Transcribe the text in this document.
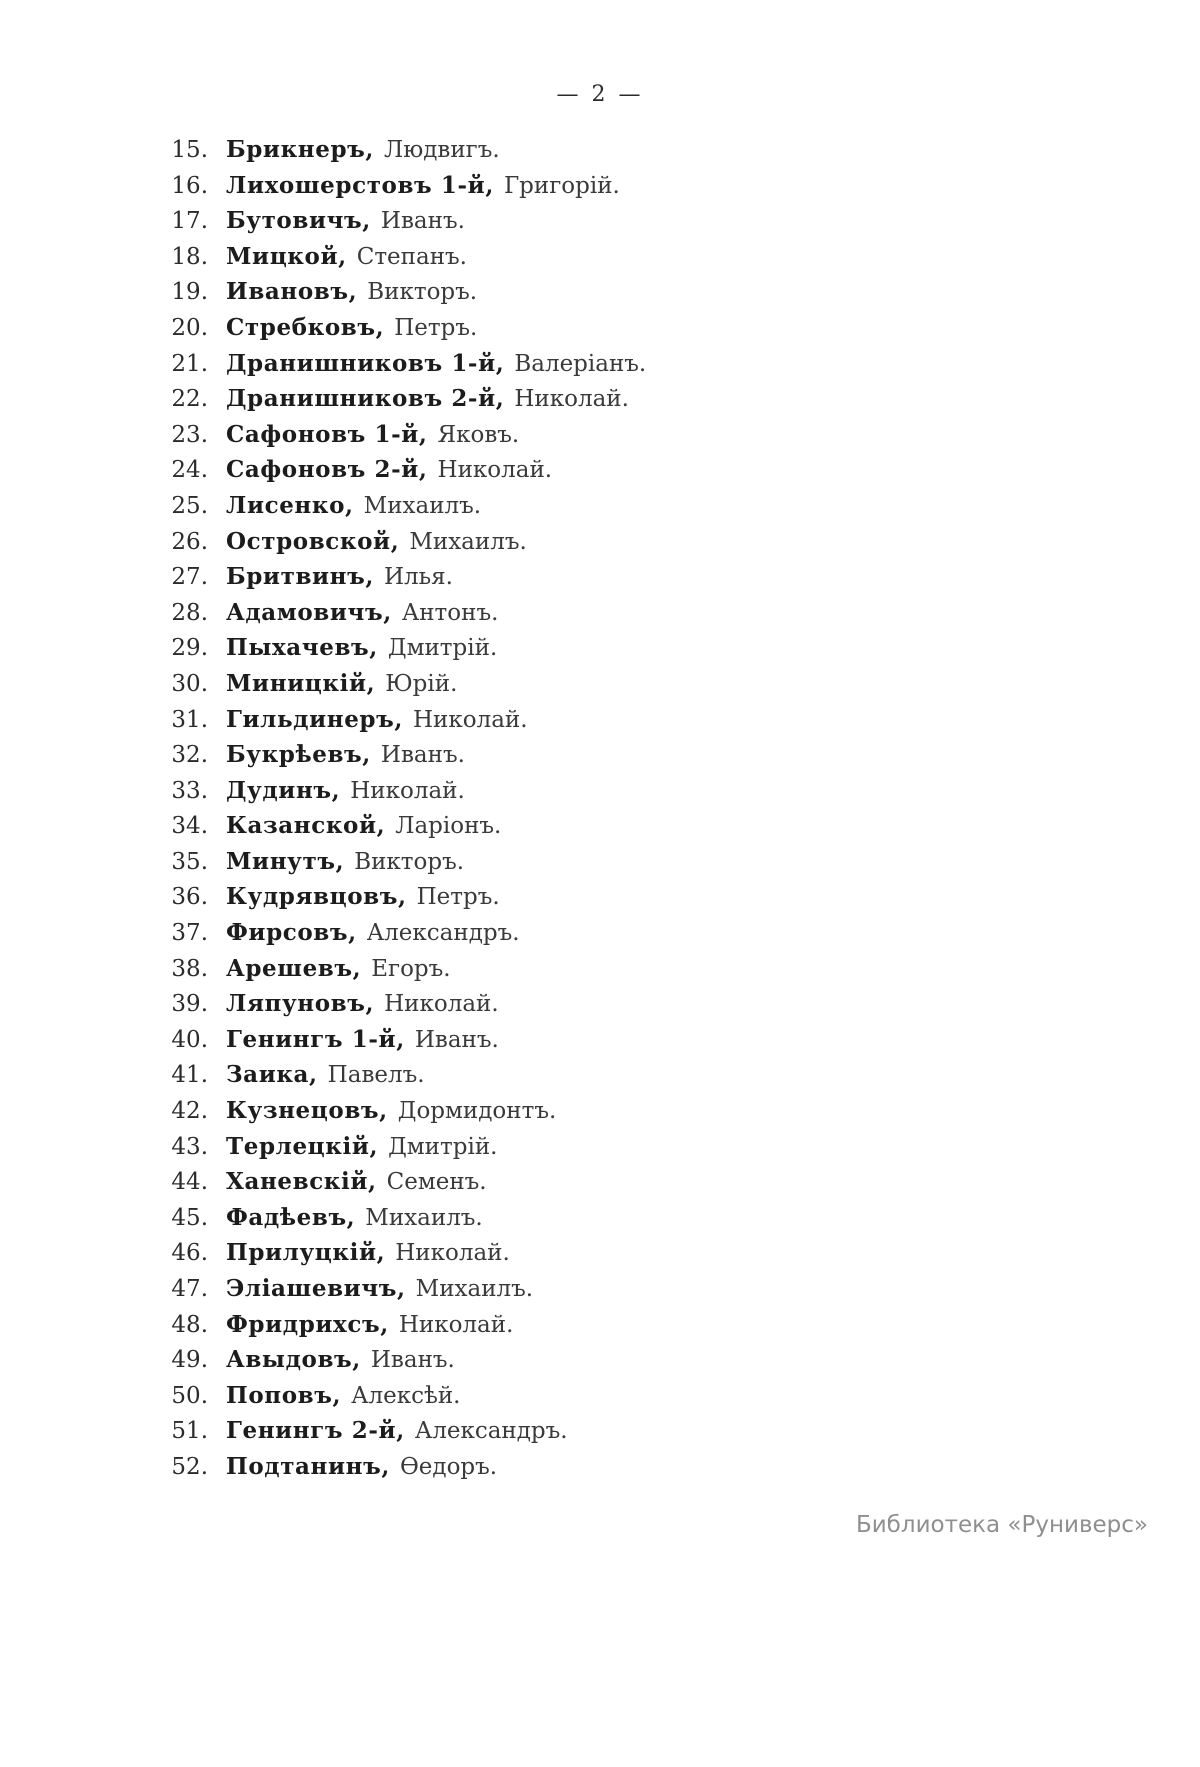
— 2 —
15. Брикнеръ, Людвигъ.
16. Лихошерстовъ 1-й, Григорій.
17. Бутовичъ, Иванъ.
18. Мицкой, Степанъ.
19. Ивановъ, Викторъ.
20. Стребковъ, Петръ.
21. Дранишниковъ 1-й, Валеріанъ.
22. Дранишниковъ 2-й, Николай.
23. Сафоновъ 1-й, Яковъ.
24. Сафоновъ 2-й, Николай.
25. Лисенко, Михаилъ.
26. Островской, Михаилъ.
27. Бритвинъ, Илья.
28. Адамовичъ, Антонъ.
29. Пыхачевъ, Дмитрій.
30. Миницкій, Юрій.
31. Гильдинеръ, Николай.
32. Букрѣевъ, Иванъ.
33. Дудинъ, Николай.
34. Казанской, Ларіонъ.
35. Минутъ, Викторъ.
36. Кудрявцовъ, Петръ.
37. Фирсовъ, Александръ.
38. Арешевъ, Егоръ.
39. Ляпуновъ, Николай.
40. Генингъ 1-й, Иванъ.
41. Заика, Павелъ.
42. Кузнецовъ, Дормидонтъ.
43. Терлецкій, Дмитрій.
44. Ханевскій, Семенъ.
45. Фадѣевъ, Михаилъ.
46. Прилуцкій, Николай.
47. Эліашевичъ, Михаилъ.
48. Фридрихсъ, Николай.
49. Авыдовъ, Иванъ.
50. Поповъ, Алексѣй.
51. Генингъ 2-й, Александръ.
52. Подтанинъ, Ѳедоръ.
Библиотека «Руниверс»
